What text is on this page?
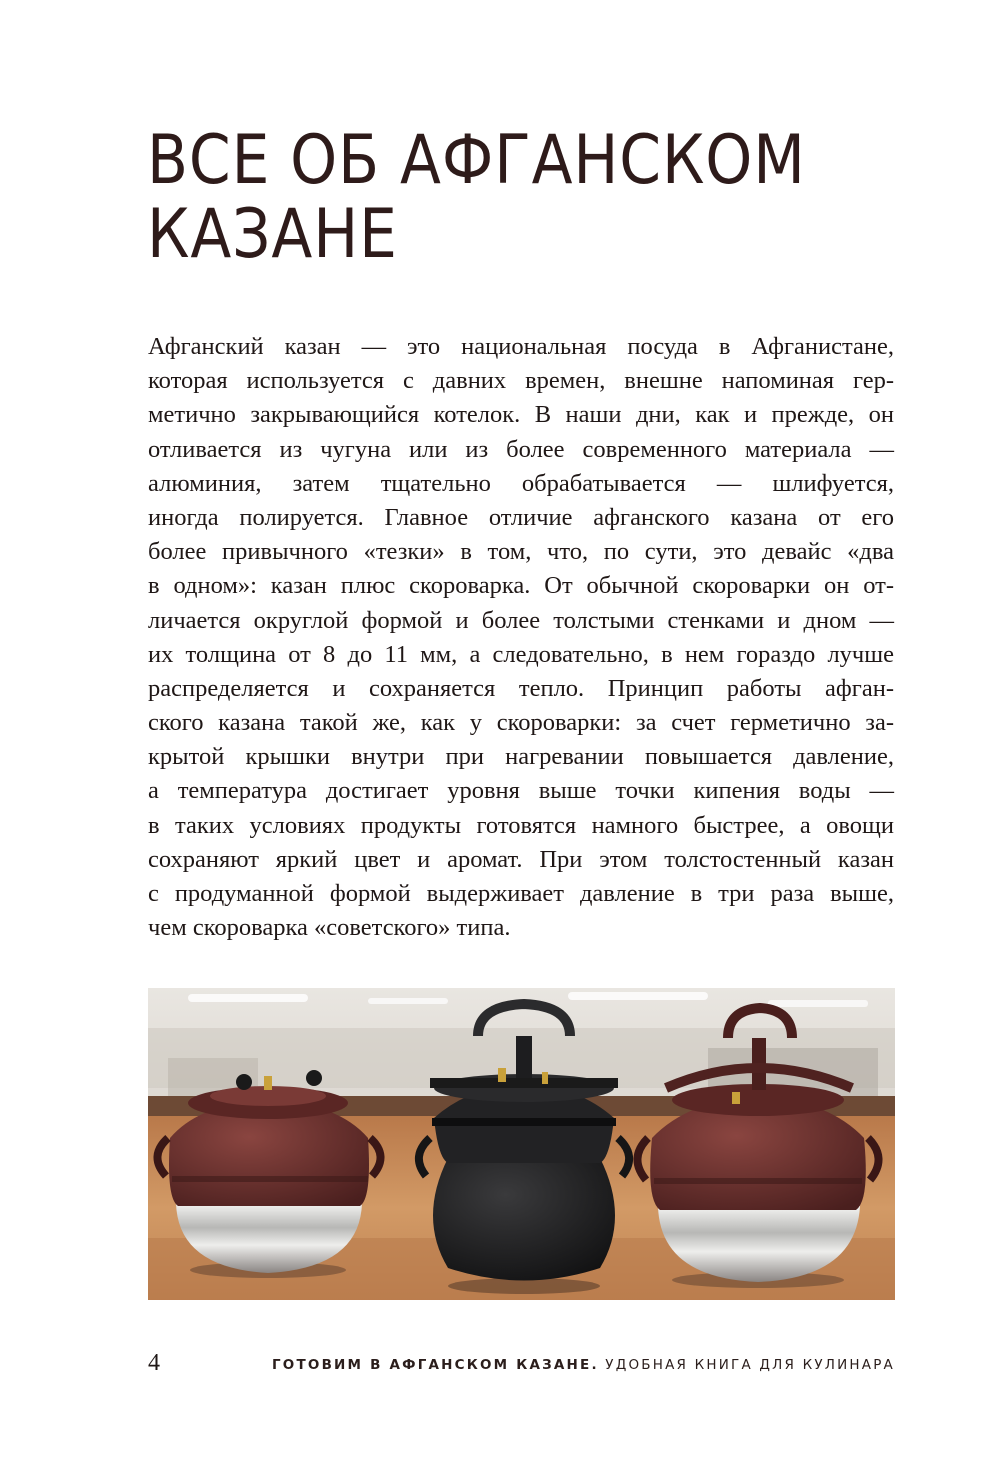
ВСЕ ОБ АФГАНСКОМ
КАЗАНЕ
Афганский казан — это национальная посуда в Афганистане,
которая используется с давних времен, внешне напоминая гер-
метично закрывающийся котелок. В наши дни, как и прежде, он
отливается из чугуна или из более современного материала —
алюминия, затем тщательно обрабатывается — шлифуется,
иногда полируется. Главное отличие афганского казана от его
более привычного «тезки» в том, что, по сути, это девайс «два
в одном»: казан плюс скороварка. От обычной скороварки он от-
личается округлой формой и более толстыми стенками и дном —
их толщина от 8 до 11 мм, а следовательно, в нем гораздо лучше
распределяется и сохраняется тепло. Принцип работы афган-
ского казана такой же, как у скороварки: за счет герметично за-
крытой крышки внутри при нагревании повышается давление,
а температура достигает уровня выше точки кипения воды —
в таких условиях продукты готовятся намного быстрее, а овощи
сохраняют яркий цвет и аромат. При этом толстостенный казан
с продуманной формой выдерживает давление в три раза выше,
чем скороварка «советского» типа.
4	ГОТОВИМ В АФГАНСКОМ КАЗАНЕ. УДОБНАЯ КНИГА ДЛЯ КУЛИНАРА
